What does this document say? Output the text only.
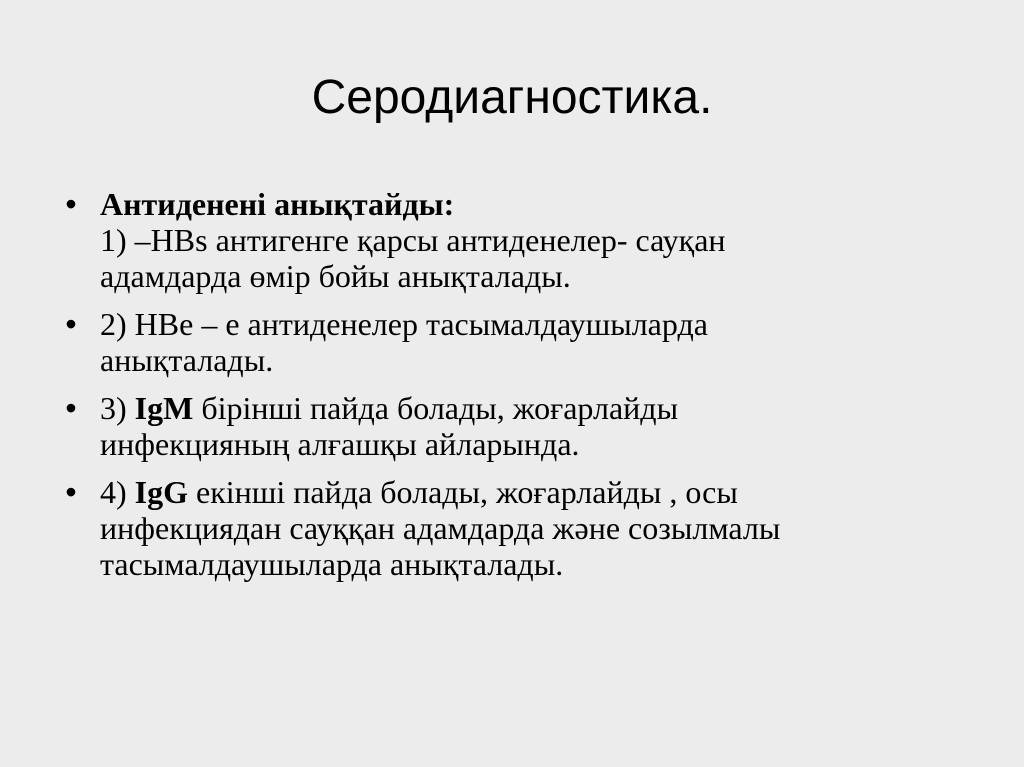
Серодиагностика.
• Антиденені анықтайды:
1) –HBs антигенге қарсы антиденелер- сауқан
адамдарда өмір бойы анықталады.
• 2) HBe – е антиденелер тасымалдаушыларда
анықталады.
• 3) IgM бірінші пайда болады, жоғарлайды
инфекцияның алғашқы айларында.
• 4) IgG екінші пайда болады, жоғарлайды , осы
инфекциядан сауққан адамдарда және созылмалы
тасымалдаушыларда анықталады.
